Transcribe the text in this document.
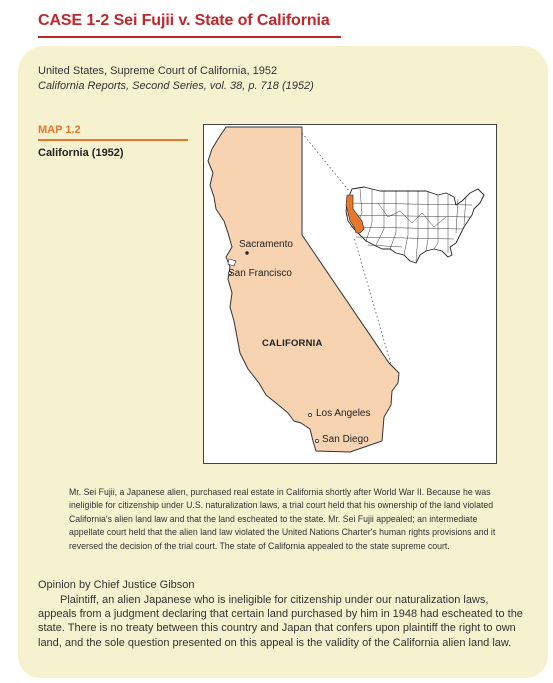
CASE 1-2 Sei Fujii v. State of California
United States, Supreme Court of California, 1952
California Reports, Second Series, vol. 38, p. 718 (1952)
MAP 1.2
California (1952)
Sacramento
San Francisco
CALIFORNIA
Los Angeles
San Diego
Mr. Sei Fujii, a Japanese alien, purchased real estate in California shortly after World War II. Because he was ineligible for citizenship under U.S. naturalization laws, a trial court held that his ownership of the land violated California's alien land law and that the land escheated to the state. Mr. Sei Fujii appealed; an intermediate appellate court held that the alien land law violated the United Nations Charter's human rights provisions and it reversed the decision of the trial court. The state of California appealed to the state supreme court.
Opinion by Chief Justice Gibson
Plaintiff, an alien Japanese who is ineligible for citizenship under our naturalization laws, appeals from a judgment declaring that certain land purchased by him in 1948 had escheated to the state. There is no treaty between this country and Japan that confers upon plaintiff the right to own land, and the sole question presented on this appeal is the validity of the California alien land law.
